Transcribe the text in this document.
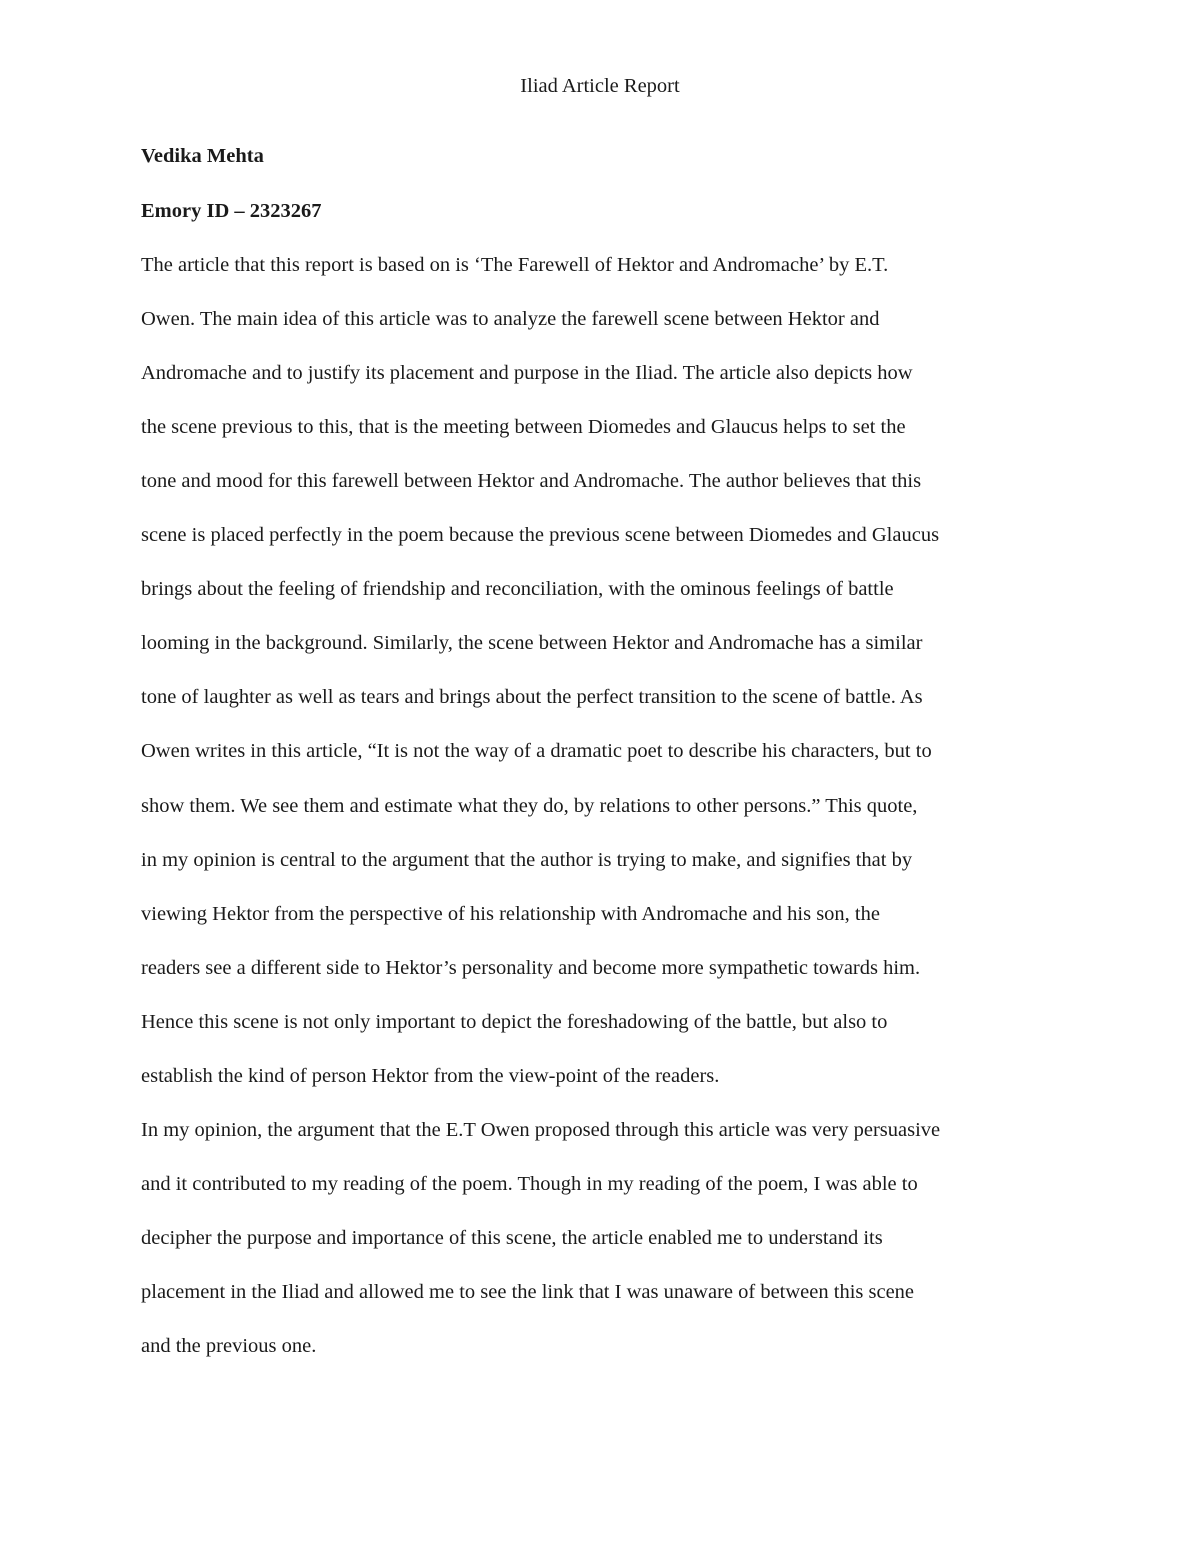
Iliad Article Report

Vedika Mehta

Emory ID – 2323267

The article that this report is based on is ‘The Farewell of Hektor and Andromache’ by E.T.

Owen. The main idea of this article was to analyze the farewell scene between Hektor and

Andromache and to justify its placement and purpose in the Iliad. The article also depicts how

the scene previous to this, that is the meeting between Diomedes and Glaucus helps to set the

tone and mood for this farewell between Hektor and Andromache. The author believes that this

scene is placed perfectly in the poem because the previous scene between Diomedes and Glaucus

brings about the feeling of friendship and reconciliation, with the ominous feelings of battle

looming in the background. Similarly, the scene between Hektor and Andromache has a similar

tone of laughter as well as tears and brings about the perfect transition to the scene of battle. As

Owen writes in this article, “It is not the way of a dramatic poet to describe his characters, but to

show them. We see them and estimate what they do, by relations to other persons.” This quote,

in my opinion is central to the argument that the author is trying to make, and signifies that by

viewing Hektor from the perspective of his relationship with Andromache and his son, the

readers see a different side to Hektor’s personality and become more sympathetic towards him.

Hence this scene is not only important to depict the foreshadowing of the battle, but also to

establish the kind of person Hektor from the view-point of the readers.

In my opinion, the argument that the E.T Owen proposed through this article was very persuasive

and it contributed to my reading of the poem. Though in my reading of the poem, I was able to

decipher the purpose and importance of this scene, the article enabled me to understand its

placement in the Iliad and allowed me to see the link that I was unaware of between this scene

and the previous one.
